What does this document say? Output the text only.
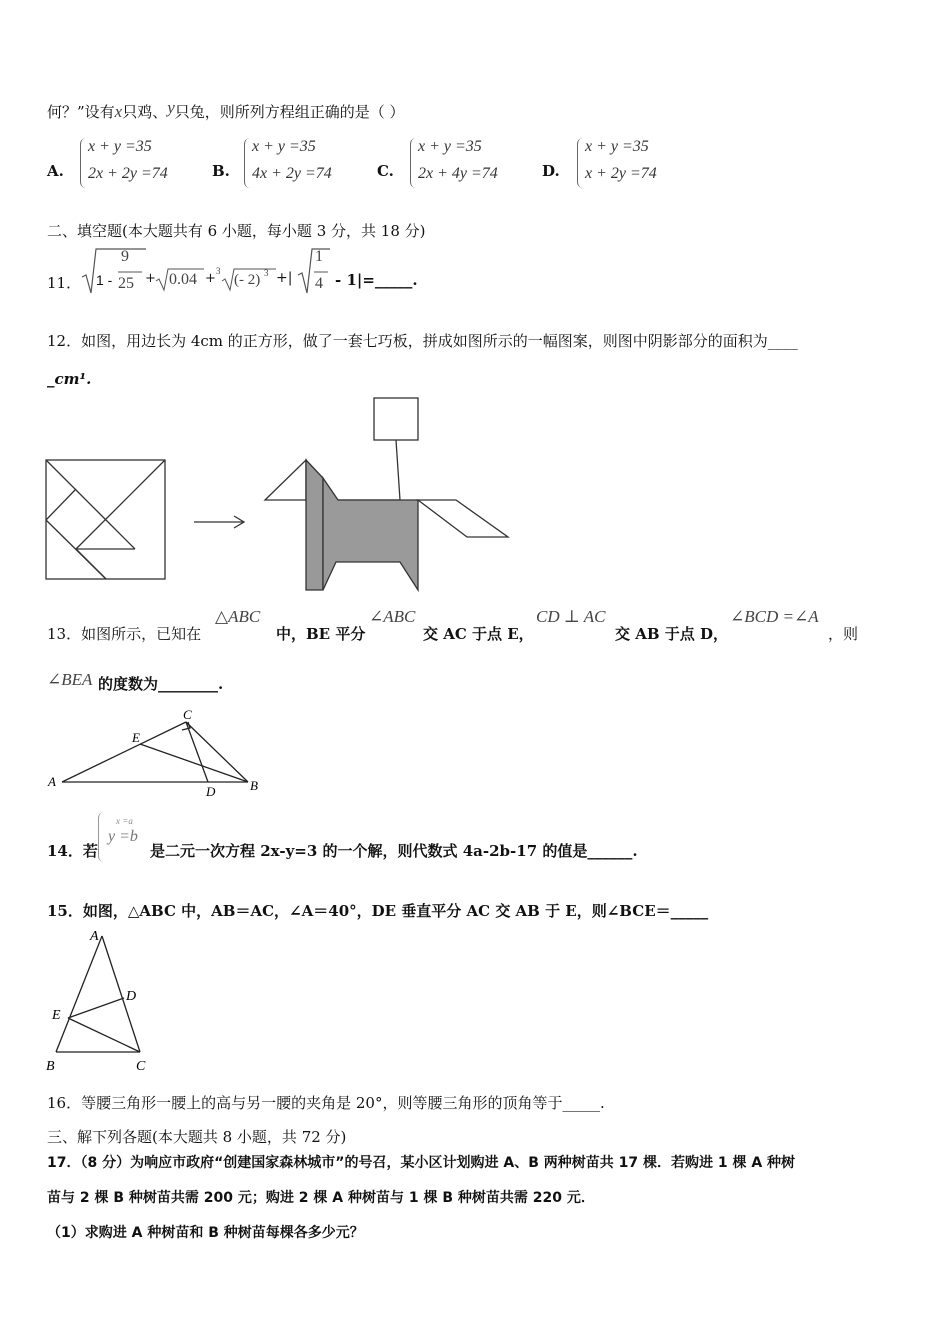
何？”设有x只鸡、y只兔，则所列方程组正确的是（ ）
A.
x + y =35
2x + 2y =74	B.
x + y =35
4x + 2y =74	C.
x + y =35
2x + 4y =74	D.
x + y =35
x + 2y =74
二、填空题(本大题共有 6 小题，每小题 3 分，共 18 分)
11． 1 -
9
25 + 0.04 + 3
(- 2) 3 +|
1
4 - 1|=_____.
12．如图，用边长为 4cm 的正方形，做了一套七巧板，拼成如图所示的一幅图案，则图中阴影部分的面积为____
_cm¹.
13．如图所示，已知在
△ABC
中，BE 平分
∠ABC
交 AC 于点 E，
CD ⊥ AC
交 AB 于点 D，
∠BCD =∠A
，则
∠BEA 的度数为________.
A	B
C
D
E
14．若
x =a
y =b
是二元一次方程 2x-y=3 的一个解，则代数式 4a-2b-17 的值是______.
15．如图，△ABC 中，AB＝AC，∠A＝40°，DE 垂直平分 AC 交 AB 于 E，则∠BCE＝_____
A
B	C
D
E
16．等腰三角形一腰上的高与另一腰的夹角是 20°，则等腰三角形的顶角等于_____.
三、解下列各题(本大题共 8 小题，共 72 分)
17．（8 分）为响应市政府“创建国家森林城市”的号召，某小区计划购进 A、B 两种树苗共 17 棵．若购进 1 棵 A 种树
苗与 2 棵 B 种树苗共需 200 元；购进 2 棵 A 种树苗与 1 棵 B 种树苗共需 220 元．
（1）求购进 A 种树苗和 B 种树苗每棵各多少元？
